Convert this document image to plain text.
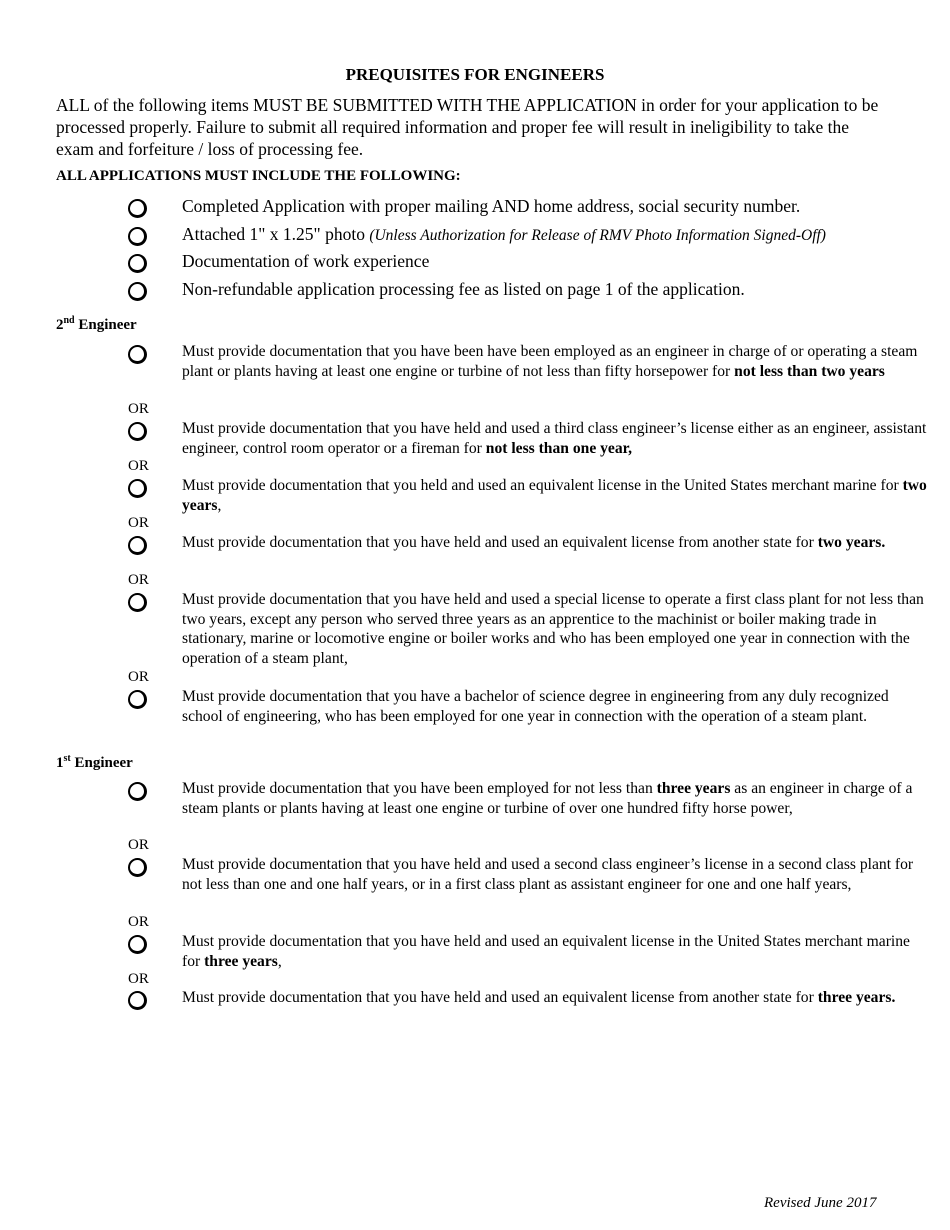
PREQUISITES FOR ENGINEERS
ALL of the following items MUST BE SUBMITTED WITH THE APPLICATION in order for your application to be processed properly. Failure to submit all required information and proper fee will result in ineligibility to take the exam and forfeiture / loss of processing fee.
ALL APPLICATIONS MUST INCLUDE THE FOLLOWING:
Completed Application with proper mailing AND home address, social security number.
Attached 1" x 1.25" photo (Unless Authorization for Release of RMV Photo Information Signed-Off)
Documentation of work experience
Non-refundable application processing fee as listed on page 1 of the application.
2nd Engineer
Must provide documentation that you have been have been employed as an engineer in charge of or operating a steam plant or plants having at least one engine or turbine of not less than fifty horsepower for not less than two years
OR
Must provide documentation that you have held and used a third class engineer’s license either as an engineer, assistant engineer, control room operator or a fireman for not less than one year,
OR
Must provide documentation that you held and used an equivalent license in the United States merchant marine for two years,
OR
Must provide documentation that you have held and used an equivalent license from another state for two years.
OR
Must provide documentation that you have held and used a special license to operate a first class plant for not less than two years, except any person who served three years as an apprentice to the machinist or boiler making trade in stationary, marine or locomotive engine or boiler works and who has been employed one year in connection with the operation of a steam plant,
OR
Must provide documentation that you have a bachelor of science degree in engineering from any duly recognized school of engineering, who has been employed for one year in connection with the operation of a steam plant.
1st Engineer
Must provide documentation that you have been employed for not less than three years as an engineer in charge of a steam plants or plants having at least one engine or turbine of over one hundred fifty horse power,
OR
Must provide documentation that you have held and used a second class engineer’s license in a second class plant for not less than one and one half years, or in a first class plant as assistant engineer for one and one half years,
OR
Must provide documentation that you have held and used an equivalent license in the United States merchant marine for three years,
OR
Must provide documentation that you have held and used an equivalent license from another state for three years.
Revised June 2017
